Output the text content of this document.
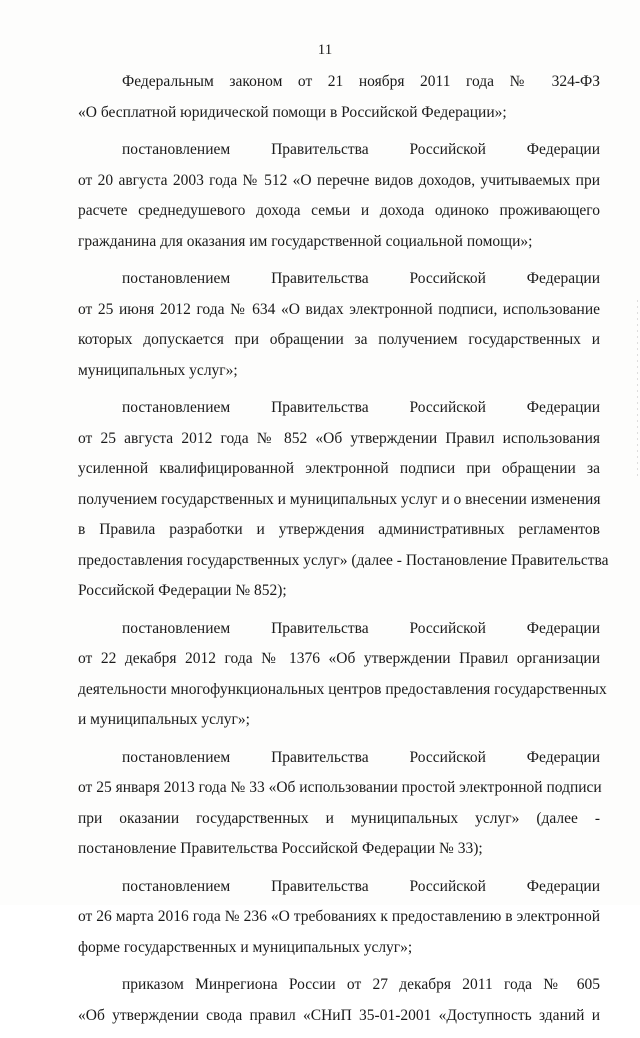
11

Федеральным законом от 21 ноября 2011 года № 324-ФЗ
«О бесплатной юридической помощи в Российской Федерации»;

постановлением Правительства Российской Федерации
от 20 августа 2003 года № 512 «О перечне видов доходов, учитываемых при
расчете среднедушевого дохода семьи и дохода одиноко проживающего
гражданина для оказания им государственной социальной помощи»;

постановлением Правительства Российской Федерации
от 25 июня 2012 года № 634 «О видах электронной подписи, использование
которых допускается при обращении за получением государственных и
муниципальных услуг»;

постановлением Правительства Российской Федерации
от 25 августа 2012 года № 852 «Об утверждении Правил использования
усиленной квалифицированной электронной подписи при обращении за
получением государственных и муниципальных услуг и о внесении изменения
в Правила разработки и утверждения административных регламентов
предоставления государственных услуг» (далее - Постановление Правительства
Российской Федерации № 852);

постановлением Правительства Российской Федерации
от 22 декабря 2012 года № 1376 «Об утверждении Правил организации
деятельности многофункциональных центров предоставления государственных
и муниципальных услуг»;

постановлением Правительства Российской Федерации
от 25 января 2013 года № 33 «Об использовании простой электронной подписи
при оказании государственных и муниципальных услуг» (далее -
постановление Правительства Российской Федерации № 33);

постановлением Правительства Российской Федерации
от 26 марта 2016 года № 236 «О требованиях к предоставлению в электронной
форме государственных и муниципальных услуг»;

приказом Минрегиона России от 27 декабря 2011 года № 605
«Об утверждении свода правил «СНиП 35-01-2001 «Доступность зданий и
